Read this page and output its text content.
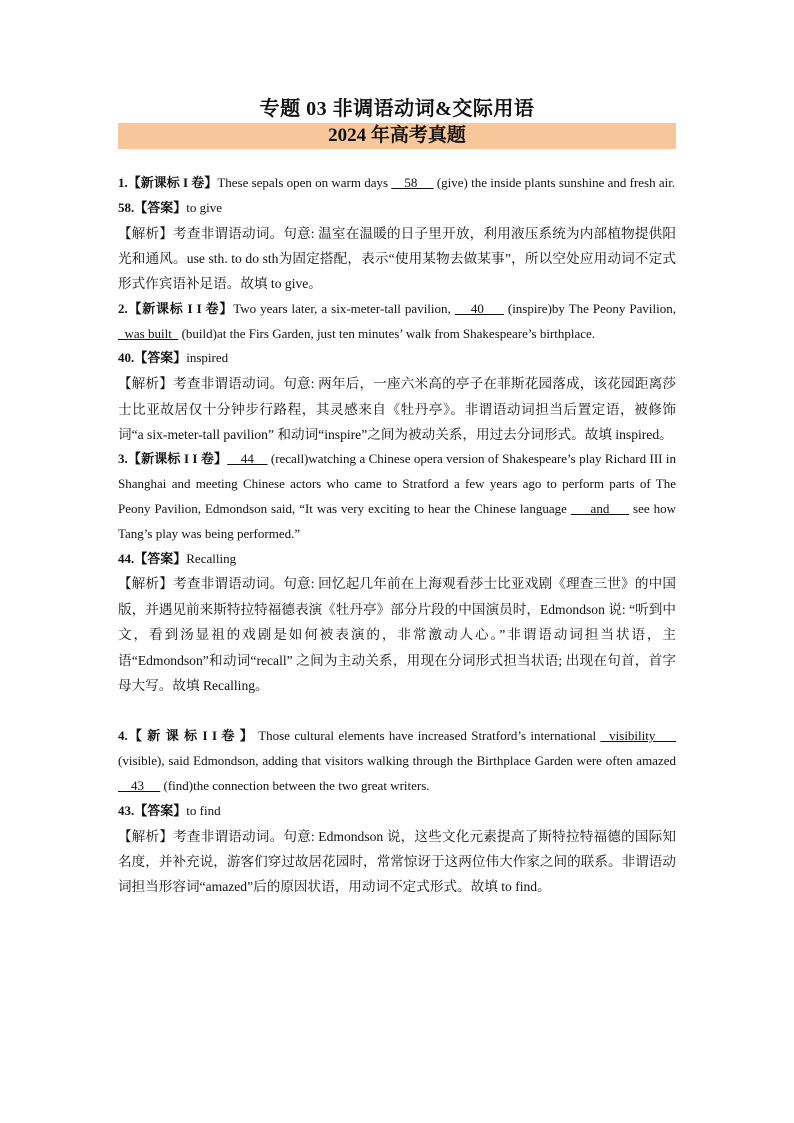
专题 03 非调语动词&交际用语
2024 年高考真题

1.【新课标 I 卷】These sepals open on warm days     58      (give) the inside plants sunshine and fresh air.

58.【答案】to give

【解析】考查非谓语动词。句意: 温室在温暖的日子里开放，利用液压系统为内部植物提供阳光和通风。use sth. to do sth为固定搭配，表示“使用某物去做某事”，所以空处应用动词不定式形式作宾语补足语。故填 to give。

2.【新课标 I I 卷】Two years later, a six-meter-tall pavilion,     40      (inspire)by The Peony Pavilion,   was built   (build)at the Firs Garden, just ten minutes’ walk from Shakespeare’s birthplace.

40.【答案】inspired

【解析】考查非谓语动词。句意: 两年后，一座六米高的亭子在菲斯花园落成，该花园距离莎士比亚故居仅十分钟步行路程，其灵感来自《牡丹亭》。非谓语动词担当后置定语，被修饰词“a six-meter-tall pavilion” 和动词“inspire”之间为被动关系，用过去分词形式。故填 inspired。

3.【新课标 I I 卷】    44     (recall)watching a Chinese opera version of Shakespeare’s play Richard III in Shanghai and meeting Chinese actors who came to Stratford a few years ago to perform parts of The Peony Pavilion, Edmondson said, “It was very exciting to hear the Chinese language      and      see how Tang’s play was being performed.”

44.【答案】Recalling

【解析】考查非谓语动词。句意: 回忆起几年前在上海观看莎士比亚戏剧《理查三世》的中国版，并遇见前来斯特拉特福德表演《牡丹亭》部分片段的中国演员时，Edmondson 说: “听到中文，看到汤显祖的戏剧是如何被表演的，非常激动人心。”非谓语动词担当状语，主语“Edmondson”和动词“recall” 之间为主动关系，用现在分词形式担当状语; 出现在句首，首字母大写。故填 Recalling。

4.【 新 课 标 I I 卷 】 Those cultural elements have increased Stratford’s international   visibility      (visible), said Edmondson, adding that visitors walking through the Birthplace Garden were often amazed     43      (find)the connection between the two great writers.

43.【答案】to find

【解析】考查非谓语动词。句意: Edmondson 说，这些文化元素提高了斯特拉特福德的国际知名度，并补充说，游客们穿过故居花园时，常常惊讶于这两位伟大作家之间的联系。非谓语动词担当形容词“amazed”后的原因状语，用动词不定式形式。故填 to find。
